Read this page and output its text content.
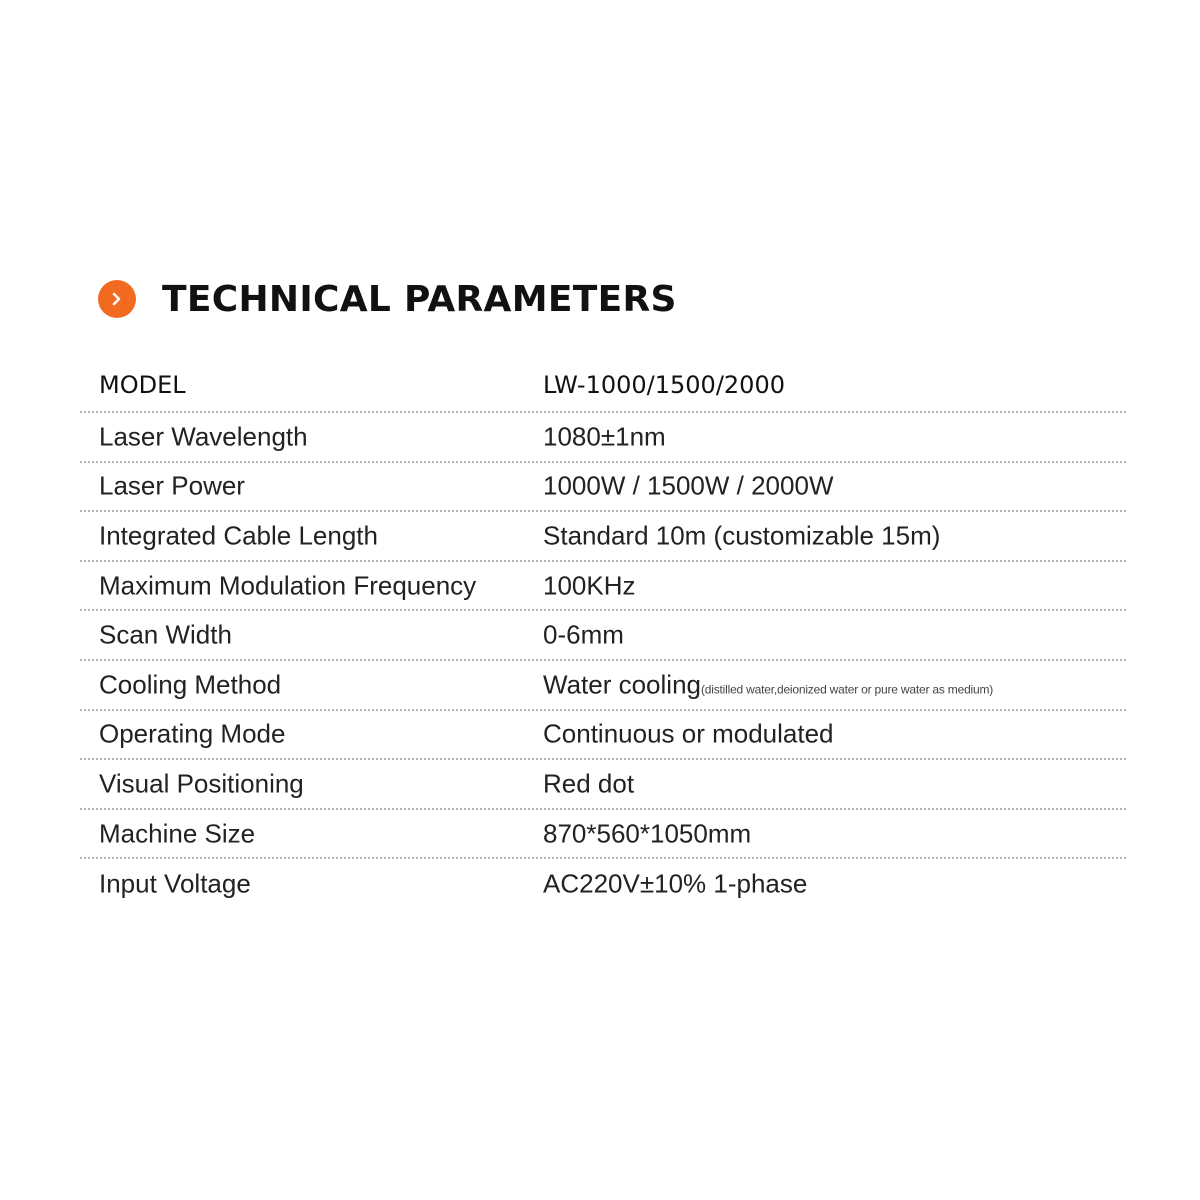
TECHNICAL PARAMETERS
MODEL	LW-1000/1500/2000
Laser Wavelength	1080±1nm
Laser Power	1000W / 1500W / 2000W
Integrated Cable Length	Standard 10m (customizable 15m)
Maximum Modulation Frequency	100KHz
Scan Width	0-6mm
Cooling Method	Water cooling(distilled water,deionized water or pure water as medium)
Operating Mode	Continuous or modulated
Visual Positioning	Red dot
Machine Size	870*560*1050mm
Input Voltage	AC220V±10% 1-phase
